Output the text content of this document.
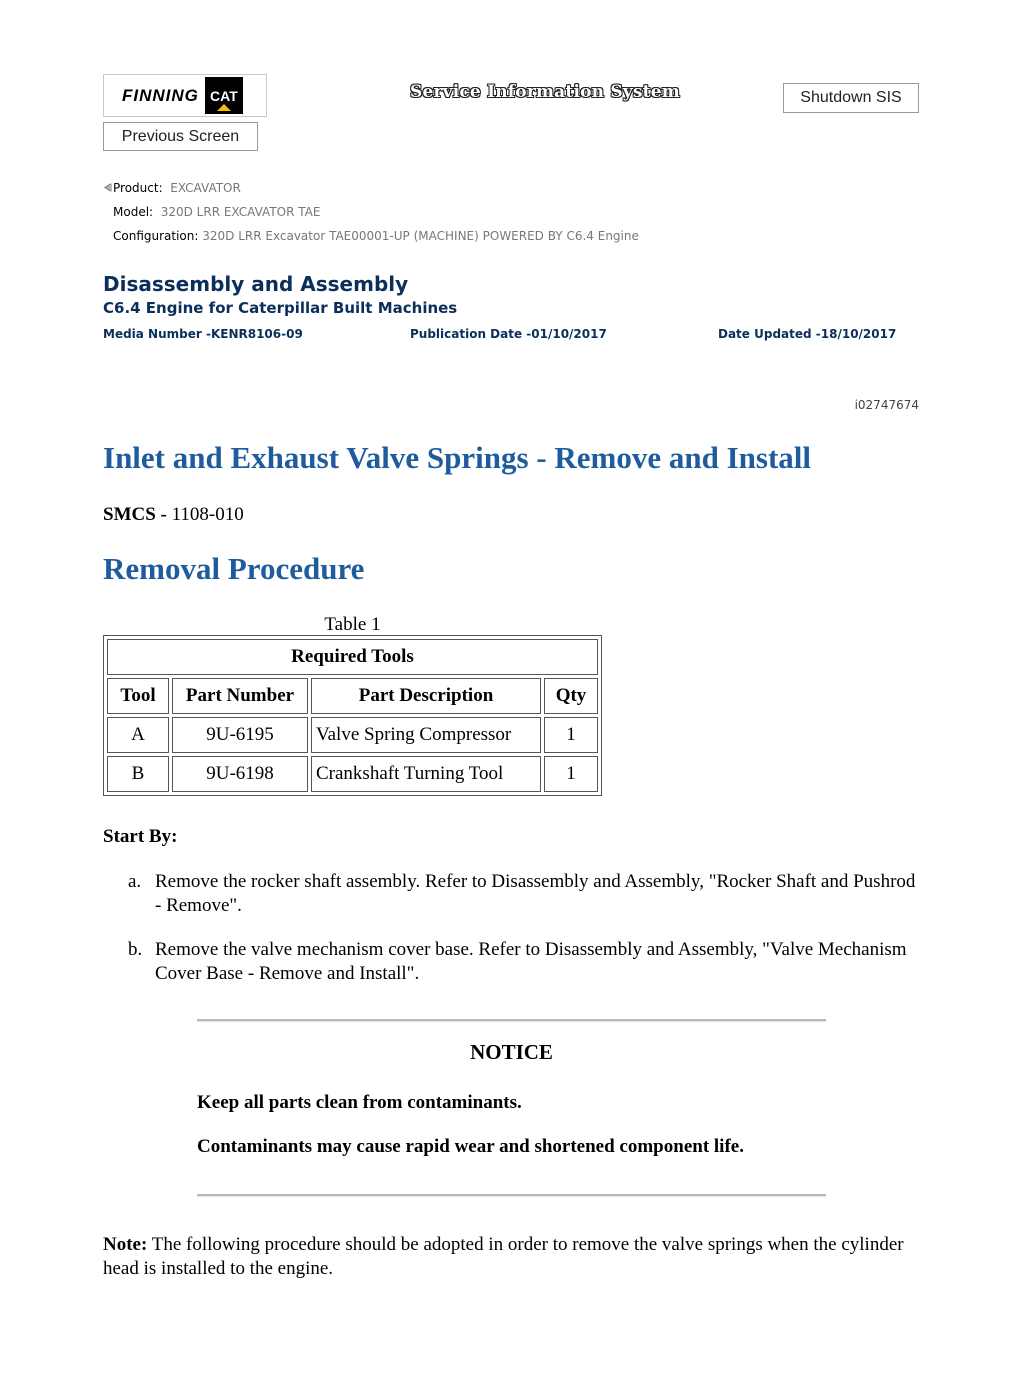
FINNING CAT	Service Information System	Shutdown SIS
Previous Screen
Product: EXCAVATOR
Model: 320D LRR EXCAVATOR TAE
Configuration: 320D LRR Excavator TAE00001-UP (MACHINE) POWERED BY C6.4 Engine
Disassembly and Assembly
C6.4 Engine for Caterpillar Built Machines
Media Number -KENR8106-09	Publication Date -01/10/2017	Date Updated -18/10/2017
i02747674
Inlet and Exhaust Valve Springs - Remove and Install
SMCS - 1108-010
Removal Procedure
Table 1
Required Tools			
Tool	Part Number	Part Description	Qty
A	9U-6195	Valve Spring Compressor	1
B	9U-6198	Crankshaft Turning Tool	1
Start By:
a. Remove the rocker shaft assembly. Refer to Disassembly and Assembly, "Rocker Shaft and Pushrod - Remove".
b. Remove the valve mechanism cover base. Refer to Disassembly and Assembly, "Valve Mechanism Cover Base - Remove and Install".
NOTICE
Keep all parts clean from contaminants.
Contaminants may cause rapid wear and shortened component life.
Note: The following procedure should be adopted in order to remove the valve springs when the cylinder head is installed to the engine.
